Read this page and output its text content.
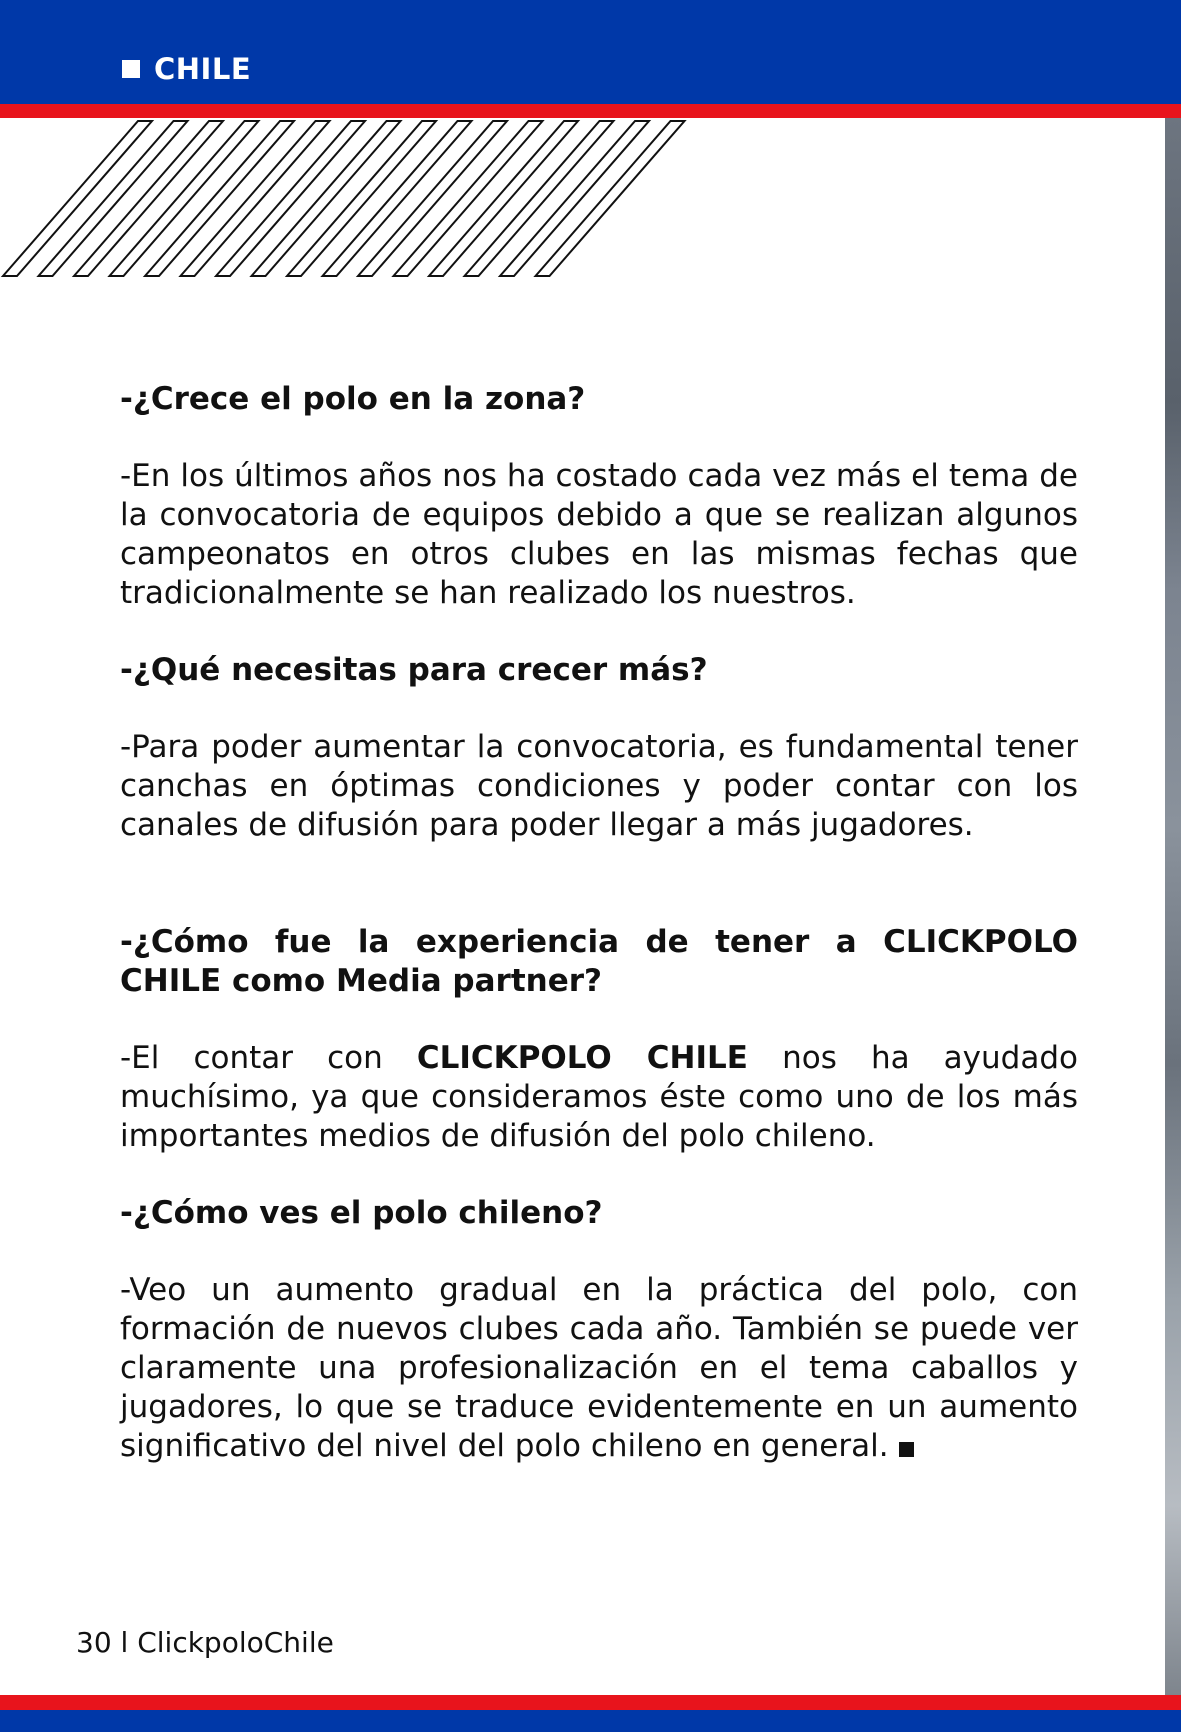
CHILE

-¿Crece el polo en la zona?

-En los últimos años nos ha costado cada vez más el tema de la convocatoria de equipos debido a que se realizan algunos campeonatos en otros clubes en las mismas fechas que tradicionalmente se han realizado los nuestros.

-¿Qué necesitas para crecer más?

-Para poder aumentar la convocatoria, es fundamental tener canchas en óptimas condiciones y poder contar con los canales de difusión para poder llegar a más jugadores.

-¿Cómo fue la experiencia de tener a CLICKPOLO CHILE como Media partner?

-El contar con CLICKPOLO CHILE nos ha ayudado muchísimo, ya que consideramos éste como uno de los más importantes medios de difusión del polo chileno.

-¿Cómo ves el polo chileno?

-Veo un aumento gradual en la práctica del polo, con formación de nuevos clubes cada año. También se puede ver claramente una profesionalización en el tema caballos y jugadores, lo que se traduce evidentemente en un aumento significativo del nivel del polo chileno en general.

30 l ClickpoloChile
